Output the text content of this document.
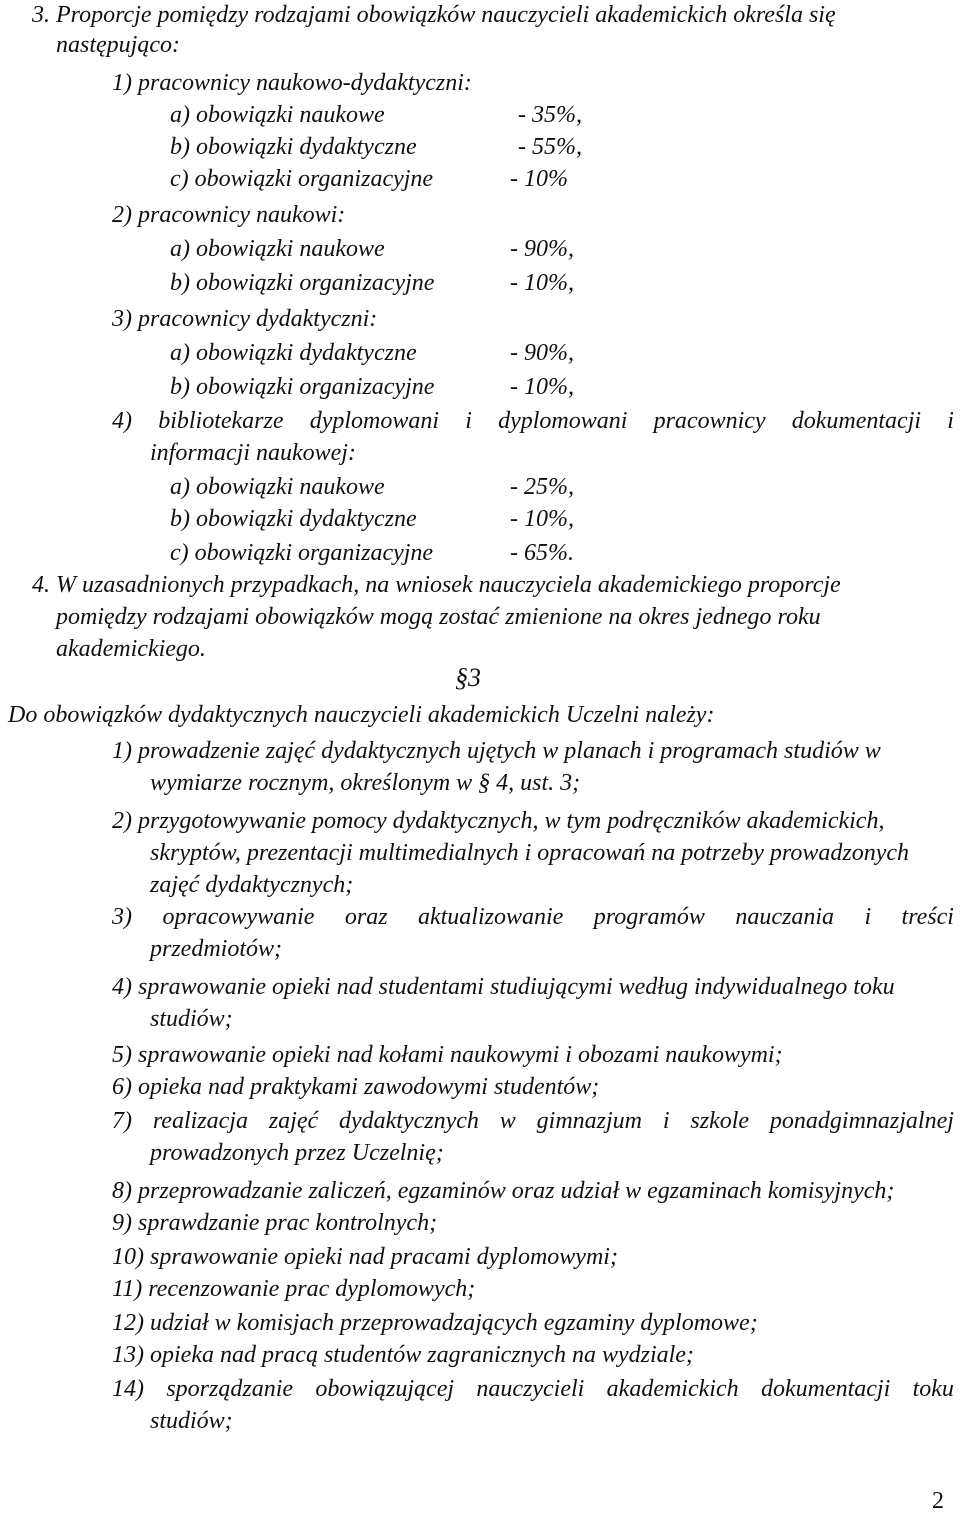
3. Proporcje pomiędzy rodzajami obowiązków nauczycieli akademickich określa się
następująco:
1) pracownicy naukowo-dydaktyczni:
a) obowiązki naukowe	- 35%,
b) obowiązki dydaktyczne	- 55%,
c) obowiązki organizacyjne	- 10%
2) pracownicy naukowi:
a) obowiązki naukowe	- 90%,
b) obowiązki organizacyjne	- 10%,
3) pracownicy dydaktyczni:
a) obowiązki dydaktyczne	- 90%,
b) obowiązki organizacyjne	- 10%,
4) bibliotekarze dyplomowani i dyplomowani pracownicy dokumentacji i
informacji naukowej:
a) obowiązki naukowe	- 25%,
b) obowiązki dydaktyczne	- 10%,
c) obowiązki organizacyjne	- 65%.
4. W uzasadnionych przypadkach, na wniosek nauczyciela akademickiego proporcje
pomiędzy rodzajami obowiązków mogą zostać zmienione na okres jednego roku
akademickiego.
§3
Do obowiązków dydaktycznych nauczycieli akademickich Uczelni należy:
1) prowadzenie zajęć dydaktycznych ujętych w planach i programach studiów w
wymiarze rocznym, określonym w § 4, ust. 3;
2) przygotowywanie pomocy dydaktycznych, w tym podręczników akademickich,
skryptów, prezentacji multimedialnych i opracowań na potrzeby prowadzonych
zajęć dydaktycznych;
3) opracowywanie oraz aktualizowanie programów nauczania i treści
przedmiotów;
4) sprawowanie opieki nad studentami studiującymi według indywidualnego toku
studiów;
5) sprawowanie opieki nad kołami naukowymi i obozami naukowymi;
6) opieka nad praktykami zawodowymi studentów;
7) realizacja zajęć dydaktycznych w gimnazjum i szkole ponadgimnazjalnej
prowadzonych przez Uczelnię;
8) przeprowadzanie zaliczeń, egzaminów oraz udział w egzaminach komisyjnych;
9) sprawdzanie prac kontrolnych;
10) sprawowanie opieki nad pracami dyplomowymi;
11) recenzowanie prac dyplomowych;
12) udział w komisjach przeprowadzających egzaminy dyplomowe;
13) opieka nad pracą studentów zagranicznych na wydziale;
14) sporządzanie obowiązującej nauczycieli akademickich dokumentacji toku
studiów;
2
